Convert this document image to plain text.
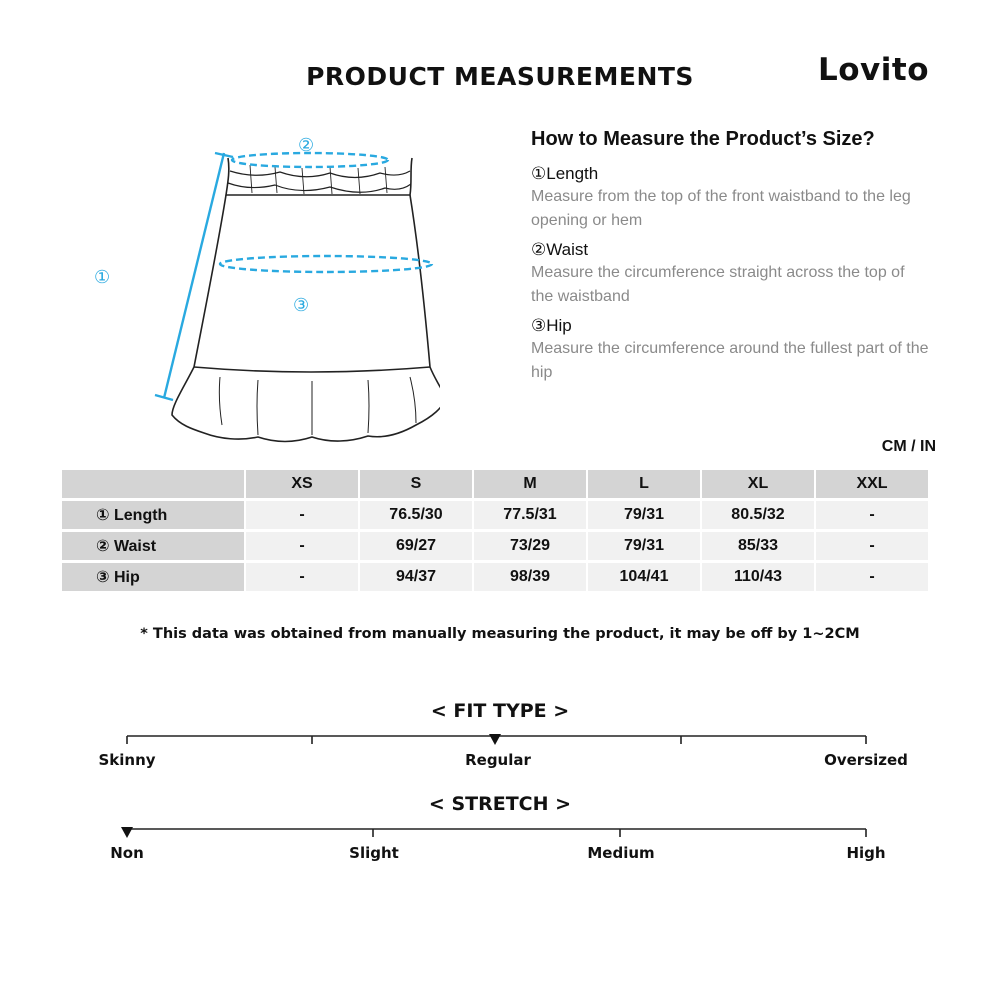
PRODUCT MEASUREMENTS	Lovito
①
②
③

How to Measure the Product’s Size?

①Length

Measure from the top of the front waistband to the leg opening or hem

②Waist

Measure the circumference straight across the top of the waistband

③Hip

Measure the circumference around the fullest part of the hip

CM / IN
	XS	S	M	L	XL	XXL
① Length	-	76.5/30	77.5/31	79/31	80.5/32	-
② Waist	-	69/27	73/29	79/31	85/33	-
③ Hip	-	94/37	98/39	104/41	110/43	-
* This data was obtained from manually measuring the product, it may be off by 1~2CM
< FIT TYPE >
Skinny	Regular	Oversized
< STRETCH >
Non	Slight	Medium	High
